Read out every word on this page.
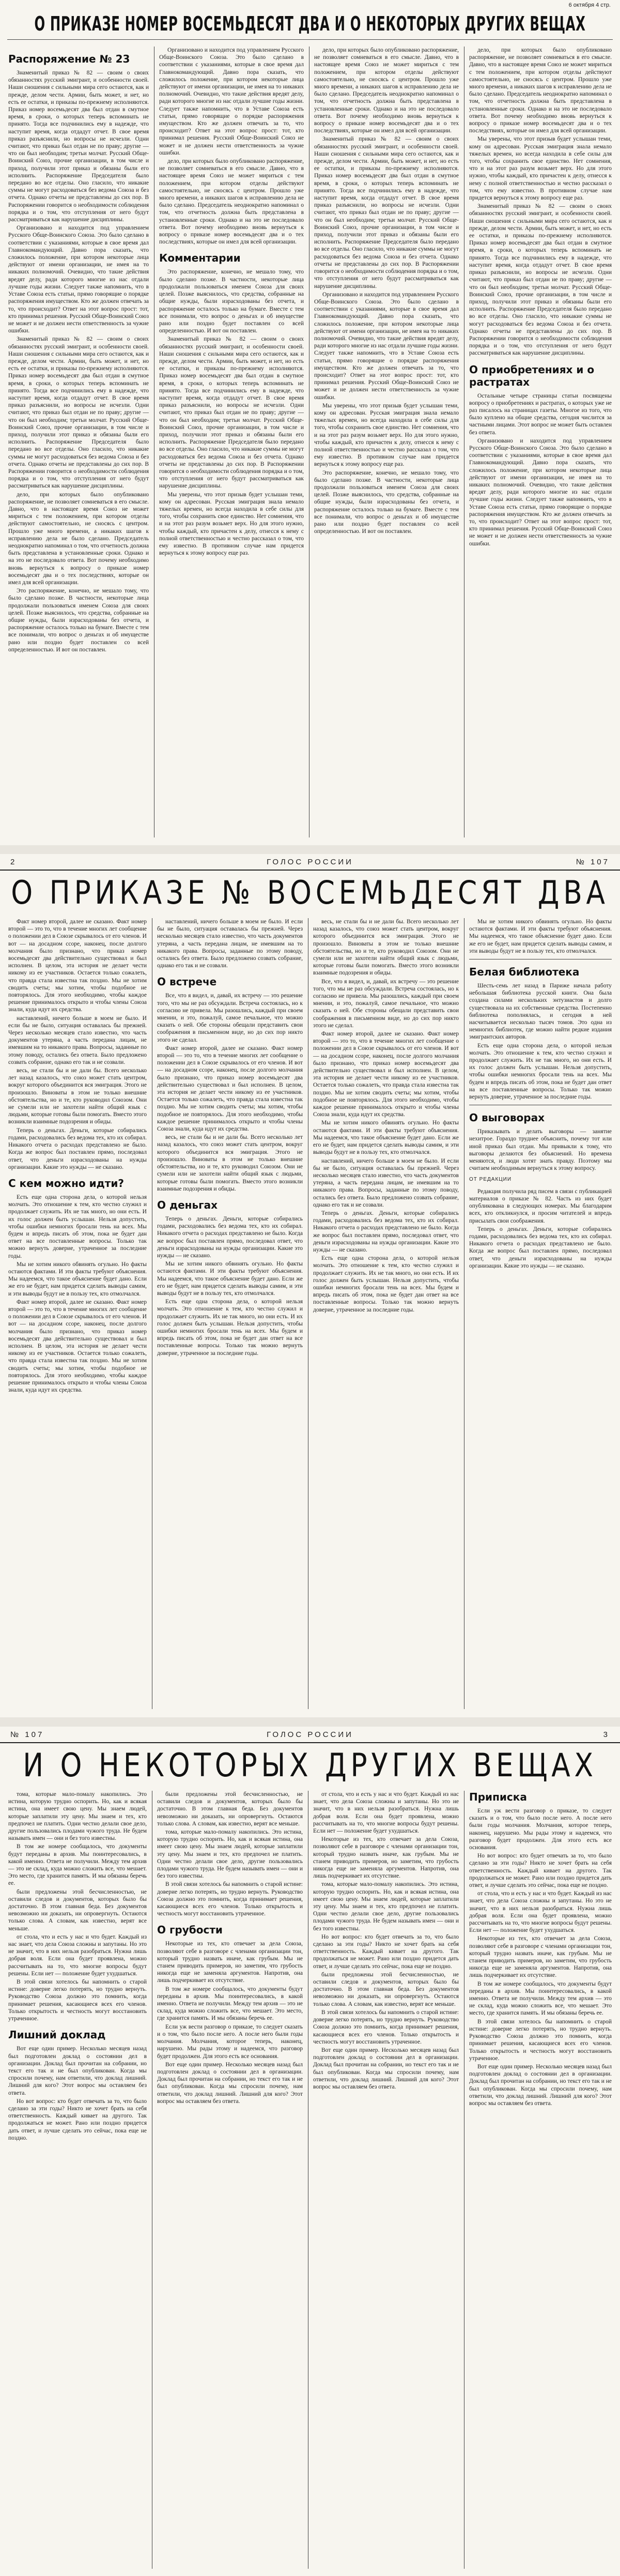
6 октября 4 стр.
О ПРИКАЗЕ НОМЕР ВОСЕМЬДЕСЯТ ДВА И О НЕКОТОРЫХ ДРУГИХ ВЕЩАХ
Распоряжение № 23

Знаменитый приказ № 82 — своим о своих обязанностях русский эмигрант, и особенности своей. Наши сношения с сильными мира сего остаются, как и прежде, делом чести. Армии, быть может, и нет, но есть ее остатки, и приказы по-прежнему исполняются. Приказ номер восемьдесят два был отдан в смутное время, в сроки, о которых теперь вспоминать не принято. Тогда все подчинились ему в надежде, что наступит время, когда отдадут отчет. В свое время приказ разъяснили, но вопросы не исчезли. Одни считают, что приказ был отдан не по праву; другие — что он был необходим; третьи молчат. Русский Обще-Воинский Союз, прочие организации, в том числе и приход, получили этот приказ и обязаны были его исполнить. Распоряжение Председателя было передано во все отделы. Оно гласило, что никакие суммы не могут расходоваться без ведома Союза и без отчета. Однако отчеты не представлены до сих пор. В Распоряжении говорится о необходимости соблюдения порядка и о том, что отступления от него будут рассматриваться как нарушение дисциплины.

Организовано и находится под управлением Русского Обще-Воинского Союза. Это было сделано в соответствии с указаниями, которые в свое время дал Главнокомандующий. Давно пора сказать, что сложилось положение, при котором некоторые лица действуют от имени организации, не имея на то никаких полномочий. Очевидно, что такие действия вредят делу, ради которого многие из нас отдали лучшие годы жизни. Следует также напомнить, что в Уставе Союза есть статьи, прямо говорящие о порядке распоряжения имуществом. Кто же должен отвечать за то, что происходит? Ответ на этот вопрос прост: тот, кто принимал решения. Русский Обще-Воинский Союз не может и не должен нести ответственность за чужие ошибки.

Знаменитый приказ № 82 — своим о своих обязанностях русский эмигрант, и особенности своей. Наши сношения с сильными мира сего остаются, как и прежде, делом чести. Армии, быть может, и нет, но есть ее остатки, и приказы по-прежнему исполняются. Приказ номер восемьдесят два был отдан в смутное время, в сроки, о которых теперь вспоминать не принято. Тогда все подчинились ему в надежде, что наступит время, когда отдадут отчет. В свое время приказ разъяснили, но вопросы не исчезли. Одни считают, что приказ был отдан не по праву; другие — что он был необходим; третьи молчат. Русский Обще-Воинский Союз, прочие организации, в том числе и приход, получили этот приказ и обязаны были его исполнить. Распоряжение Председателя было передано во все отделы. Оно гласило, что никакие суммы не могут расходоваться без ведома Союза и без отчета. Однако отчеты не представлены до сих пор. В Распоряжении говорится о необходимости соблюдения порядка и о том, что отступления от него будут рассматриваться как нарушение дисциплины.

дело, при которых было опубликовано распоряжение, не позволяет сомневаться в его смысле. Давно, что в настоящее время Союз не может мириться с тем положением, при котором отделы действуют самостоятельно, не сносясь с центром. Прошло уже много времени, а никаких шагов к исправлению дела не было сделано. Председатель неоднократно напоминал о том, что отчетность должна быть представлена в установленные сроки. Однако и на это не последовало ответа. Вот почему необходимо вновь вернуться к вопросу о приказе номер восемьдесят два и о тех последствиях, которые он имел для всей организации.

Это распоряжение, конечно, не мешало тому, что было сделано позже. В частности, некоторые лица продолжали пользоваться именем Союза для своих целей. Позже выяснилось, что средства, собранные на общие нужды, были израсходованы без отчета, и распоряжение осталось только на бумаге. Вместе с тем все понимали, что вопрос о деньгах и об имуществе рано или поздно будет поставлен со всей определенностью. И вот он поставлен.

Организовано и находится под управлением Русского Обще-Воинского Союза. Это было сделано в соответствии с указаниями, которые в свое время дал Главнокомандующий. Давно пора сказать, что сложилось положение, при котором некоторые лица действуют от имени организации, не имея на то никаких полномочий. Очевидно, что такие действия вредят делу, ради которого многие из нас отдали лучшие годы жизни. Следует также напомнить, что в Уставе Союза есть статьи, прямо говорящие о порядке распоряжения имуществом. Кто же должен отвечать за то, что происходит? Ответ на этот вопрос прост: тот, кто принимал решения. Русский Обще-Воинский Союз не может и не должен нести ответственность за чужие ошибки.

дело, при которых было опубликовано распоряжение, не позволяет сомневаться в его смысле. Давно, что в настоящее время Союз не может мириться с тем положением, при котором отделы действуют самостоятельно, не сносясь с центром. Прошло уже много времени, а никаких шагов к исправлению дела не было сделано. Председатель неоднократно напоминал о том, что отчетность должна быть представлена в установленные сроки. Однако и на это не последовало ответа. Вот почему необходимо вновь вернуться к вопросу о приказе номер восемьдесят два и о тех последствиях, которые он имел для всей организации.

Комментарии

Это распоряжение, конечно, не мешало тому, что было сделано позже. В частности, некоторые лица продолжали пользоваться именем Союза для своих целей. Позже выяснилось, что средства, собранные на общие нужды, были израсходованы без отчета, и распоряжение осталось только на бумаге. Вместе с тем все понимали, что вопрос о деньгах и об имуществе рано или поздно будет поставлен со всей определенностью. И вот он поставлен.

Знаменитый приказ № 82 — своим о своих обязанностях русский эмигрант, и особенности своей. Наши сношения с сильными мира сего остаются, как и прежде, делом чести. Армии, быть может, и нет, но есть ее остатки, и приказы по-прежнему исполняются. Приказ номер восемьдесят два был отдан в смутное время, в сроки, о которых теперь вспоминать не принято. Тогда все подчинились ему в надежде, что наступит время, когда отдадут отчет. В свое время приказ разъяснили, но вопросы не исчезли. Одни считают, что приказ был отдан не по праву; другие — что он был необходим; третьи молчат. Русский Обще-Воинский Союз, прочие организации, в том числе и приход, получили этот приказ и обязаны были его исполнить. Распоряжение Председателя было передано во все отделы. Оно гласило, что никакие суммы не могут расходоваться без ведома Союза и без отчета. Однако отчеты не представлены до сих пор. В Распоряжении говорится о необходимости соблюдения порядка и о том, что отступления от него будут рассматриваться как нарушение дисциплины.

Мы уверены, что этот призыв будет услышан теми, кому он адресован. Русская эмиграция знала немало тяжелых времен, но всегда находила в себе силы для того, чтобы сохранить свое единство. Нет сомнения, что и на этот раз разум возьмет верх. Но для этого нужно, чтобы каждый, кто причастен к делу, отнесся к нему с полной ответственностью и честно рассказал о том, что ему известно. В противном случае нам придется вернуться к этому вопросу еще раз.

дело, при которых было опубликовано распоряжение, не позволяет сомневаться в его смысле. Давно, что в настоящее время Союз не может мириться с тем положением, при котором отделы действуют самостоятельно, не сносясь с центром. Прошло уже много времени, а никаких шагов к исправлению дела не было сделано. Председатель неоднократно напоминал о том, что отчетность должна быть представлена в установленные сроки. Однако и на это не последовало ответа. Вот почему необходимо вновь вернуться к вопросу о приказе номер восемьдесят два и о тех последствиях, которые он имел для всей организации.

Знаменитый приказ № 82 — своим о своих обязанностях русский эмигрант, и особенности своей. Наши сношения с сильными мира сего остаются, как и прежде, делом чести. Армии, быть может, и нет, но есть ее остатки, и приказы по-прежнему исполняются. Приказ номер восемьдесят два был отдан в смутное время, в сроки, о которых теперь вспоминать не принято. Тогда все подчинились ему в надежде, что наступит время, когда отдадут отчет. В свое время приказ разъяснили, но вопросы не исчезли. Одни считают, что приказ был отдан не по праву; другие — что он был необходим; третьи молчат. Русский Обще-Воинский Союз, прочие организации, в том числе и приход, получили этот приказ и обязаны были его исполнить. Распоряжение Председателя было передано во все отделы. Оно гласило, что никакие суммы не могут расходоваться без ведома Союза и без отчета. Однако отчеты не представлены до сих пор. В Распоряжении говорится о необходимости соблюдения порядка и о том, что отступления от него будут рассматриваться как нарушение дисциплины.

Организовано и находится под управлением Русского Обще-Воинского Союза. Это было сделано в соответствии с указаниями, которые в свое время дал Главнокомандующий. Давно пора сказать, что сложилось положение, при котором некоторые лица действуют от имени организации, не имея на то никаких полномочий. Очевидно, что такие действия вредят делу, ради которого многие из нас отдали лучшие годы жизни. Следует также напомнить, что в Уставе Союза есть статьи, прямо говорящие о порядке распоряжения имуществом. Кто же должен отвечать за то, что происходит? Ответ на этот вопрос прост: тот, кто принимал решения. Русский Обще-Воинский Союз не может и не должен нести ответственность за чужие ошибки.

Мы уверены, что этот призыв будет услышан теми, кому он адресован. Русская эмиграция знала немало тяжелых времен, но всегда находила в себе силы для того, чтобы сохранить свое единство. Нет сомнения, что и на этот раз разум возьмет верх. Но для этого нужно, чтобы каждый, кто причастен к делу, отнесся к нему с полной ответственностью и честно рассказал о том, что ему известно. В противном случае нам придется вернуться к этому вопросу еще раз.

Это распоряжение, конечно, не мешало тому, что было сделано позже. В частности, некоторые лица продолжали пользоваться именем Союза для своих целей. Позже выяснилось, что средства, собранные на общие нужды, были израсходованы без отчета, и распоряжение осталось только на бумаге. Вместе с тем все понимали, что вопрос о деньгах и об имуществе рано или поздно будет поставлен со всей определенностью. И вот он поставлен.

дело, при которых было опубликовано распоряжение, не позволяет сомневаться в его смысле. Давно, что в настоящее время Союз не может мириться с тем положением, при котором отделы действуют самостоятельно, не сносясь с центром. Прошло уже много времени, а никаких шагов к исправлению дела не было сделано. Председатель неоднократно напоминал о том, что отчетность должна быть представлена в установленные сроки. Однако и на это не последовало ответа. Вот почему необходимо вновь вернуться к вопросу о приказе номер восемьдесят два и о тех последствиях, которые он имел для всей организации.

Мы уверены, что этот призыв будет услышан теми, кому он адресован. Русская эмиграция знала немало тяжелых времен, но всегда находила в себе силы для того, чтобы сохранить свое единство. Нет сомнения, что и на этот раз разум возьмет верх. Но для этого нужно, чтобы каждый, кто причастен к делу, отнесся к нему с полной ответственностью и честно рассказал о том, что ему известно. В противном случае нам придется вернуться к этому вопросу еще раз.

Знаменитый приказ № 82 — своим о своих обязанностях русский эмигрант, и особенности своей. Наши сношения с сильными мира сего остаются, как и прежде, делом чести. Армии, быть может, и нет, но есть ее остатки, и приказы по-прежнему исполняются. Приказ номер восемьдесят два был отдан в смутное время, в сроки, о которых теперь вспоминать не принято. Тогда все подчинились ему в надежде, что наступит время, когда отдадут отчет. В свое время приказ разъяснили, но вопросы не исчезли. Одни считают, что приказ был отдан не по праву; другие — что он был необходим; третьи молчат. Русский Обще-Воинский Союз, прочие организации, в том числе и приход, получили этот приказ и обязаны были его исполнить. Распоряжение Председателя было передано во все отделы. Оно гласило, что никакие суммы не могут расходоваться без ведома Союза и без отчета. Однако отчеты не представлены до сих пор. В Распоряжении говорится о необходимости соблюдения порядка и о том, что отступления от него будут рассматриваться как нарушение дисциплины.

О приобретениях и о растратах

Остальные четыре страницы статьи посвящены вопросу о приобретениях и растратах, о которых уже не раз писалось на страницах газеты. Многое из того, что было куплено на общие средства, сегодня числится за частными лицами. Этот вопрос не может быть оставлен без ответа.

Организовано и находится под управлением Русского Обще-Воинского Союза. Это было сделано в соответствии с указаниями, которые в свое время дал Главнокомандующий. Давно пора сказать, что сложилось положение, при котором некоторые лица действуют от имени организации, не имея на то никаких полномочий. Очевидно, что такие действия вредят делу, ради которого многие из нас отдали лучшие годы жизни. Следует также напомнить, что в Уставе Союза есть статьи, прямо говорящие о порядке распоряжения имуществом. Кто же должен отвечать за то, что происходит? Ответ на этот вопрос прост: тот, кто принимал решения. Русский Обще-Воинский Союз не может и не должен нести ответственность за чужие ошибки.

2	ГОЛОС РОССИИ	№ 107
О ПРИКАЗЕ № ВОСЕМЬДЕСЯТ ДВА

Факт номер второй, далее не сказано. Факт номер второй — это то, что в течение многих лет сообщение о положении дел в Союзе скрывалось от его членов. И вот — на досадном ссоре, наконец, после долгого молчания было признано, что приказ номер восемьдесят два действительно существовал и был исполнен. В целом, эта история не делает чести никому из ее участников. Остается только сожалеть, что правда стала известна так поздно. Мы не хотим сводить счеты; мы хотим, чтобы подобное не повторялось. Для этого необходимо, чтобы каждое решение принималось открыто и чтобы члены Союза знали, куда идут их средства.

наставлений, ничего больше в моем не было. И если бы не было, ситуация оставалась бы прежней. Через несколько месяцев стало известно, что часть документов утеряна, а часть передана лицам, не имевшим на то никакого права. Вопросы, заданные по этому поводу, остались без ответа. Было предложено созвать собрание, однако его так и не созвали.

весь, не стали бы и не дали бы. Всего несколько лет назад казалось, что союз может стать центром, вокруг которого объединится вся эмиграция. Этого не произошло. Виноваты в этом не только внешние обстоятельства, но и те, кто руководил Союзом. Они не сумели или не захотели найти общий язык с людьми, которые готовы были помогать. Вместо этого возникли взаимные подозрения и обиды.

Теперь о деньгах. Деньги, которые собирались годами, расходовались без ведома тех, кто их собирал. Никакого отчета о расходах представлено не было. Когда же вопрос был поставлен прямо, последовал ответ, что деньги израсходованы на нужды организации. Какие это нужды — не сказано.

С кем можно идти?

Есть еще одна сторона дела, о которой нельзя молчать. Это отношение к тем, кто честно служил и продолжает служить. Их не так много, но они есть. И их голос должен быть услышан. Нельзя допустить, чтобы ошибки немногих бросали тень на всех. Мы будем и впредь писать об этом, пока не будет дан ответ на все поставленные вопросы. Только так можно вернуть доверие, утраченное за последние годы.

Мы не хотим никого обвинять огульно. Но факты остаются фактами. И эти факты требуют объяснения. Мы надеемся, что такое объяснение будет дано. Если же его не будет, нам придется сделать выводы самим, и эти выводы будут не в пользу тех, кто отмолчался.

Факт номер второй, далее не сказано. Факт номер второй — это то, что в течение многих лет сообщение о положении дел в Союзе скрывалось от его членов. И вот — на досадном ссоре, наконец, после долгого молчания было признано, что приказ номер восемьдесят два действительно существовал и был исполнен. В целом, эта история не делает чести никому из ее участников. Остается только сожалеть, что правда стала известна так поздно. Мы не хотим сводить счеты; мы хотим, чтобы подобное не повторялось. Для этого необходимо, чтобы каждое решение принималось открыто и чтобы члены Союза знали, куда идут их средства.

наставлений, ничего больше в моем не было. И если бы не было, ситуация оставалась бы прежней. Через несколько месяцев стало известно, что часть документов утеряна, а часть передана лицам, не имевшим на то никакого права. Вопросы, заданные по этому поводу, остались без ответа. Было предложено созвать собрание, однако его так и не созвали.

О встрече

Все, что я видел, и, давай, их встречу — это решение того, что мы не раз обсуждали. Встреча состоялась, но к согласию не привела. Мы разошлись, каждый при своем мнении, и это, пожалуй, самое печальное, что можно сказать о ней. Обе стороны обещали представить свои соображения в письменном виде, но до сих пор никто этого не сделал.

Факт номер второй, далее не сказано. Факт номер второй — это то, что в течение многих лет сообщение о положении дел в Союзе скрывалось от его членов. И вот — на досадном ссоре, наконец, после долгого молчания было признано, что приказ номер восемьдесят два действительно существовал и был исполнен. В целом, эта история не делает чести никому из ее участников. Остается только сожалеть, что правда стала известна так поздно. Мы не хотим сводить счеты; мы хотим, чтобы подобное не повторялось. Для этого необходимо, чтобы каждое решение принималось открыто и чтобы члены Союза знали, куда идут их средства.

весь, не стали бы и не дали бы. Всего несколько лет назад казалось, что союз может стать центром, вокруг которого объединится вся эмиграция. Этого не произошло. Виноваты в этом не только внешние обстоятельства, но и те, кто руководил Союзом. Они не сумели или не захотели найти общий язык с людьми, которые готовы были помогать. Вместо этого возникли взаимные подозрения и обиды.

О деньгах

Теперь о деньгах. Деньги, которые собирались годами, расходовались без ведома тех, кто их собирал. Никакого отчета о расходах представлено не было. Когда же вопрос был поставлен прямо, последовал ответ, что деньги израсходованы на нужды организации. Какие это нужды — не сказано.

Мы не хотим никого обвинять огульно. Но факты остаются фактами. И эти факты требуют объяснения. Мы надеемся, что такое объяснение будет дано. Если же его не будет, нам придется сделать выводы самим, и эти выводы будут не в пользу тех, кто отмолчался.

Есть еще одна сторона дела, о которой нельзя молчать. Это отношение к тем, кто честно служил и продолжает служить. Их не так много, но они есть. И их голос должен быть услышан. Нельзя допустить, чтобы ошибки немногих бросали тень на всех. Мы будем и впредь писать об этом, пока не будет дан ответ на все поставленные вопросы. Только так можно вернуть доверие, утраченное за последние годы.

весь, не стали бы и не дали бы. Всего несколько лет назад казалось, что союз может стать центром, вокруг которого объединится вся эмиграция. Этого не произошло. Виноваты в этом не только внешние обстоятельства, но и те, кто руководил Союзом. Они не сумели или не захотели найти общий язык с людьми, которые готовы были помогать. Вместо этого возникли взаимные подозрения и обиды.

Все, что я видел, и, давай, их встречу — это решение того, что мы не раз обсуждали. Встреча состоялась, но к согласию не привела. Мы разошлись, каждый при своем мнении, и это, пожалуй, самое печальное, что можно сказать о ней. Обе стороны обещали представить свои соображения в письменном виде, но до сих пор никто этого не сделал.

Факт номер второй, далее не сказано. Факт номер второй — это то, что в течение многих лет сообщение о положении дел в Союзе скрывалось от его членов. И вот — на досадном ссоре, наконец, после долгого молчания было признано, что приказ номер восемьдесят два действительно существовал и был исполнен. В целом, эта история не делает чести никому из ее участников. Остается только сожалеть, что правда стала известна так поздно. Мы не хотим сводить счеты; мы хотим, чтобы подобное не повторялось. Для этого необходимо, чтобы каждое решение принималось открыто и чтобы члены Союза знали, куда идут их средства.

Мы не хотим никого обвинять огульно. Но факты остаются фактами. И эти факты требуют объяснения. Мы надеемся, что такое объяснение будет дано. Если же его не будет, нам придется сделать выводы самим, и эти выводы будут не в пользу тех, кто отмолчался.

наставлений, ничего больше в моем не было. И если бы не было, ситуация оставалась бы прежней. Через несколько месяцев стало известно, что часть документов утеряна, а часть передана лицам, не имевшим на то никакого права. Вопросы, заданные по этому поводу, остались без ответа. Было предложено созвать собрание, однако его так и не созвали.

Теперь о деньгах. Деньги, которые собирались годами, расходовались без ведома тех, кто их собирал. Никакого отчета о расходах представлено не было. Когда же вопрос был поставлен прямо, последовал ответ, что деньги израсходованы на нужды организации. Какие это нужды — не сказано.

Есть еще одна сторона дела, о которой нельзя молчать. Это отношение к тем, кто честно служил и продолжает служить. Их не так много, но они есть. И их голос должен быть услышан. Нельзя допустить, чтобы ошибки немногих бросали тень на всех. Мы будем и впредь писать об этом, пока не будет дан ответ на все поставленные вопросы. Только так можно вернуть доверие, утраченное за последние годы.

Мы не хотим никого обвинять огульно. Но факты остаются фактами. И эти факты требуют объяснения. Мы надеемся, что такое объяснение будет дано. Если же его не будет, нам придется сделать выводы самим, и эти выводы будут не в пользу тех, кто отмолчался.

Белая библиотека

Шесть-семь лет назад в Париже начала работу небольшая библиотека русской книги. Она была создана силами нескольких энтузиастов и долго существовала на их собственные средства. Постепенно библиотека пополнялась, и сегодня в ней насчитывается несколько тысяч томов. Это одна из немногих библиотек, где можно найти редкие издания эмигрантских авторов.

Есть еще одна сторона дела, о которой нельзя молчать. Это отношение к тем, кто честно служил и продолжает служить. Их не так много, но они есть. И их голос должен быть услышан. Нельзя допустить, чтобы ошибки немногих бросали тень на всех. Мы будем и впредь писать об этом, пока не будет дан ответ на все поставленные вопросы. Только так можно вернуть доверие, утраченное за последние годы.

О выговорах

Приказывать и делать выговоры — занятие нехитрое. Гораздо труднее объяснить, почему тот или иной приказ был отдан. Мы привыкли к тому, что выговоры делаются без объяснений. Но времена меняются, и люди хотят знать правду. Поэтому мы считаем необходимым вернуться к этому вопросу.

ОТ РЕДАКЦИИ

Редакция получила ряд писем в связи с публикацией материалов о приказе № 82. Часть из них будет опубликована в следующих номерах. Мы благодарим всех, кто откликнулся, и просим читателей и впредь присылать свои соображения.

Теперь о деньгах. Деньги, которые собирались годами, расходовались без ведома тех, кто их собирал. Никакого отчета о расходах представлено не было. Когда же вопрос был поставлен прямо, последовал ответ, что деньги израсходованы на нужды организации. Какие это нужды — не сказано.

№ 107	ГОЛОС РОССИИ	3
И О НЕКОТОРЫХ ДРУГИХ ВЕЩАХ

тома, которые мало-помалу накопились. Это истина, которую трудно оспорить. Но, как и всякая истина, она имеет свою цену. Мы знаем людей, которые заплатили эту цену. Мы знаем и тех, кто предпочел не платить. Одни честно делали свое дело, другие пользовались плодами чужого труда. Не будем называть имен — они и без того известны.

В том же номере сообщалось, что документы будут переданы в архив. Мы поинтересовались, в какой именно. Ответа не получили. Между тем архив — это не склад, куда можно сложить все, что мешает. Это место, где хранится память. И мы обязаны беречь ее.

были предложены этой бесчисленностью, не оставили следов и документов, которых было бы достаточно. В этом главная беда. Без документов невозможно ни доказать, ни опровергнуть. Остаются только слова. А словам, как известно, верят все меньше.

от стола, что и есть у нас и что будет. Каждый из нас знает, что дела Союза сложны и запутаны. Но это не значит, что в них нельзя разобраться. Нужна лишь добрая воля. Если она будет проявлена, можно рассчитывать на то, что многие вопросы будут решены. Если нет — положение будет ухудшаться.

В этой связи хотелось бы напомнить о старой истине: доверие легко потерять, но трудно вернуть. Руководство Союза должно это помнить, когда принимает решения, касающиеся всех его членов. Только открытость и честность могут восстановить утраченное.

Лишний доклад

Вот еще один пример. Несколько месяцев назад был подготовлен доклад о состоянии дел в организации. Доклад был прочитан на собрании, но текст его так и не был опубликован. Когда мы спросили почему, нам ответили, что доклад лишний. Лишний для кого? Этот вопрос мы оставляем без ответа.

Но вот вопрос: кто будет отвечать за то, что было сделано за эти годы? Никто не хочет брать на себя ответственность. Каждый кивает на другого. Так продолжаться не может. Рано или поздно придется дать ответ, и лучше сделать это сейчас, пока еще не поздно.

были предложены этой бесчисленностью, не оставили следов и документов, которых было бы достаточно. В этом главная беда. Без документов невозможно ни доказать, ни опровергнуть. Остаются только слова. А словам, как известно, верят все меньше.

тома, которые мало-помалу накопились. Это истина, которую трудно оспорить. Но, как и всякая истина, она имеет свою цену. Мы знаем людей, которые заплатили эту цену. Мы знаем и тех, кто предпочел не платить. Одни честно делали свое дело, другие пользовались плодами чужого труда. Не будем называть имен — они и без того известны.

В этой связи хотелось бы напомнить о старой истине: доверие легко потерять, но трудно вернуть. Руководство Союза должно это помнить, когда принимает решения, касающиеся всех его членов. Только открытость и честность могут восстановить утраченное.

О грубости

Некоторые из тех, кто отвечает за дела Союза, позволяют себе в разговоре с членами организации тон, который трудно назвать иначе, как грубым. Мы не станем приводить примеров, но заметим, что грубость никогда еще не заменяла аргументов. Напротив, она лишь подчеркивает их отсутствие.

В том же номере сообщалось, что документы будут переданы в архив. Мы поинтересовались, в какой именно. Ответа не получили. Между тем архив — это не склад, куда можно сложить все, что мешает. Это место, где хранится память. И мы обязаны беречь ее.

Если уж вести разговор о приказе, то следует сказать и о том, что было после него. А после него были годы молчания. Молчания, которое теперь, наконец, нарушено. Мы рады этому и надеемся, что разговор будет продолжен. Для этого есть все основания.

Вот еще один пример. Несколько месяцев назад был подготовлен доклад о состоянии дел в организации. Доклад был прочитан на собрании, но текст его так и не был опубликован. Когда мы спросили почему, нам ответили, что доклад лишний. Лишний для кого? Этот вопрос мы оставляем без ответа.

от стола, что и есть у нас и что будет. Каждый из нас знает, что дела Союза сложны и запутаны. Но это не значит, что в них нельзя разобраться. Нужна лишь добрая воля. Если она будет проявлена, можно рассчитывать на то, что многие вопросы будут решены. Если нет — положение будет ухудшаться.

Некоторые из тех, кто отвечает за дела Союза, позволяют себе в разговоре с членами организации тон, который трудно назвать иначе, как грубым. Мы не станем приводить примеров, но заметим, что грубость никогда еще не заменяла аргументов. Напротив, она лишь подчеркивает их отсутствие.

тома, которые мало-помалу накопились. Это истина, которую трудно оспорить. Но, как и всякая истина, она имеет свою цену. Мы знаем людей, которые заплатили эту цену. Мы знаем и тех, кто предпочел не платить. Одни честно делали свое дело, другие пользовались плодами чужого труда. Не будем называть имен — они и без того известны.

Но вот вопрос: кто будет отвечать за то, что было сделано за эти годы? Никто не хочет брать на себя ответственность. Каждый кивает на другого. Так продолжаться не может. Рано или поздно придется дать ответ, и лучше сделать это сейчас, пока еще не поздно.

были предложены этой бесчисленностью, не оставили следов и документов, которых было бы достаточно. В этом главная беда. Без документов невозможно ни доказать, ни опровергнуть. Остаются только слова. А словам, как известно, верят все меньше.

В этой связи хотелось бы напомнить о старой истине: доверие легко потерять, но трудно вернуть. Руководство Союза должно это помнить, когда принимает решения, касающиеся всех его членов. Только открытость и честность могут восстановить утраченное.

Вот еще один пример. Несколько месяцев назад был подготовлен доклад о состоянии дел в организации. Доклад был прочитан на собрании, но текст его так и не был опубликован. Когда мы спросили почему, нам ответили, что доклад лишний. Лишний для кого? Этот вопрос мы оставляем без ответа.

Приписка

Если уж вести разговор о приказе, то следует сказать и о том, что было после него. А после него были годы молчания. Молчания, которое теперь, наконец, нарушено. Мы рады этому и надеемся, что разговор будет продолжен. Для этого есть все основания.

Но вот вопрос: кто будет отвечать за то, что было сделано за эти годы? Никто не хочет брать на себя ответственность. Каждый кивает на другого. Так продолжаться не может. Рано или поздно придется дать ответ, и лучше сделать это сейчас, пока еще не поздно.

от стола, что и есть у нас и что будет. Каждый из нас знает, что дела Союза сложны и запутаны. Но это не значит, что в них нельзя разобраться. Нужна лишь добрая воля. Если она будет проявлена, можно рассчитывать на то, что многие вопросы будут решены. Если нет — положение будет ухудшаться.

Некоторые из тех, кто отвечает за дела Союза, позволяют себе в разговоре с членами организации тон, который трудно назвать иначе, как грубым. Мы не станем приводить примеров, но заметим, что грубость никогда еще не заменяла аргументов. Напротив, она лишь подчеркивает их отсутствие.

В том же номере сообщалось, что документы будут переданы в архив. Мы поинтересовались, в какой именно. Ответа не получили. Между тем архив — это не склад, куда можно сложить все, что мешает. Это место, где хранится память. И мы обязаны беречь ее.

В этой связи хотелось бы напомнить о старой истине: доверие легко потерять, но трудно вернуть. Руководство Союза должно это помнить, когда принимает решения, касающиеся всех его членов. Только открытость и честность могут восстановить утраченное.

Вот еще один пример. Несколько месяцев назад был подготовлен доклад о состоянии дел в организации. Доклад был прочитан на собрании, но текст его так и не был опубликован. Когда мы спросили почему, нам ответили, что доклад лишний. Лишний для кого? Этот вопрос мы оставляем без ответа.
